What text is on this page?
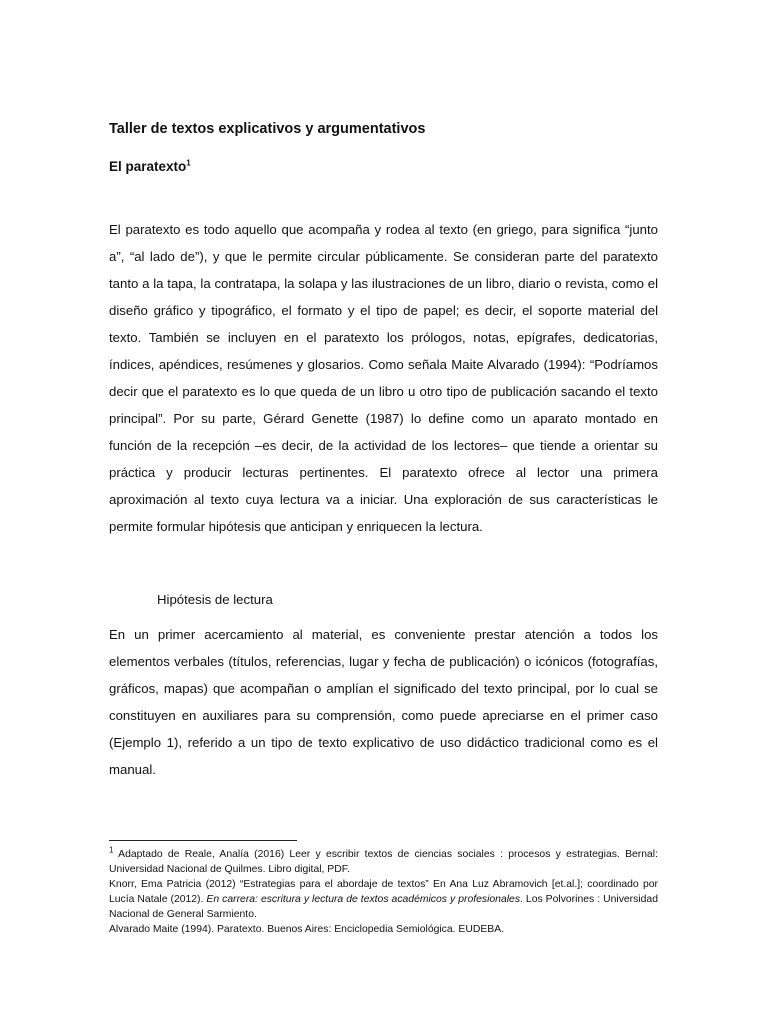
Taller de textos explicativos y argumentativos
El paratexto$^1$

El paratexto es todo aquello que acompaña y rodea al texto (en griego, para significa “junto a”, “al lado de”), y que le permite circular públicamente. Se consideran parte del paratexto tanto a la tapa, la contratapa, la solapa y las ilustraciones de un libro, diario o revista, como el diseño gráfico y tipográfico, el formato y el tipo de papel; es decir, el soporte material del texto. También se incluyen en el paratexto los prólogos, notas, epígrafes, dedicatorias, índices, apéndices, resúmenes y glosarios. Como señala Maite Alvarado (1994): “Podríamos decir que el paratexto es lo que queda de un libro u otro tipo de publicación sacando el texto principal”. Por su parte, Gérard Genette (1987) lo define como un aparato montado en función de la recepción –es decir, de la actividad de los lectores– que tiende a orientar su práctica y producir lecturas pertinentes. El paratexto ofrece al lector una primera aproximación al texto cuya lectura va a iniciar. Una exploración de sus características le permite formular hipótesis que anticipan y enriquecen la lectura.

Hipótesis de lectura

En un primer acercamiento al material, es conveniente prestar atención a todos los elementos verbales (títulos, referencias, lugar y fecha de publicación) o icónicos (fotografías, gráficos, mapas) que acompañan o amplían el significado del texto principal, por lo cual se constituyen en auxiliares para su comprensión, como puede apreciarse en el primer caso (Ejemplo 1), referido a un tipo de texto explicativo de uso didáctico tradicional como es el manual.

$^1$ Adaptado de Reale, Analía (2016) Leer y escribir textos de ciencias sociales : procesos y estrategias. Bernal: Universidad Nacional de Quilmes. Libro digital, PDF.

Knorr, Ema Patricia (2012) “Estrategias para el abordaje de textos” En Ana Luz Abramovich [et.al.]; coordinado por Lucía Natale (2012). En carrera: escritura y lectura de textos académicos y profesionales. Los Polvorines : Universidad Nacional de General Sarmiento.

Alvarado Maite (1994). Paratexto. Buenos Aires: Enciclopedia Semiológica. EUDEBA.
